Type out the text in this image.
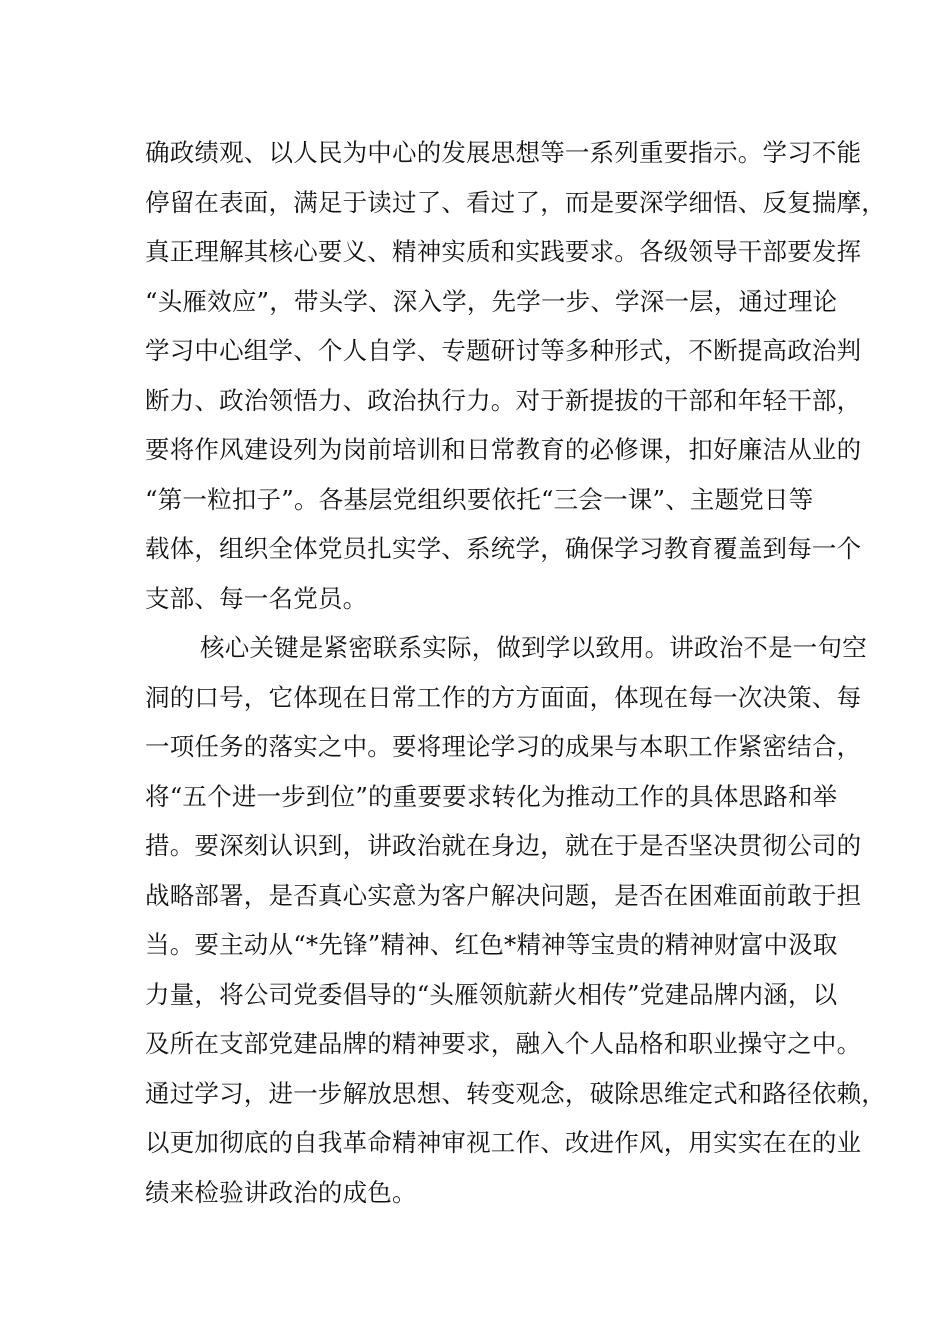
确政绩观、以人民为中心的发展思想等一系列重要指示。学习不能
停留在表面，满足于读过了、看过了，而是要深学细悟、反复揣摩，
真正理解其核心要义、精神实质和实践要求。各级领导干部要发挥
“头雁效应”，带头学、深入学，先学一步、学深一层，通过理论
学习中心组学、个人自学、专题研讨等多种形式，不断提高政治判
断力、政治领悟力、政治执行力。对于新提拔的干部和年轻干部，
要将作风建设列为岗前培训和日常教育的必修课，扣好廉洁从业的
“第一粒扣子”。各基层党组织要依托“三会一课”、主题党日等
载体，组织全体党员扎实学、系统学，确保学习教育覆盖到每一个
支部、每一名党员。
核心关键是紧密联系实际，做到学以致用。讲政治不是一句空
洞的口号，它体现在日常工作的方方面面，体现在每一次决策、每
一项任务的落实之中。要将理论学习的成果与本职工作紧密结合，
将“五个进一步到位”的重要要求转化为推动工作的具体思路和举
措。要深刻认识到，讲政治就在身边，就在于是否坚决贯彻公司的
战略部署，是否真心实意为客户解决问题，是否在困难面前敢于担
当。要主动从“*先锋”精神、红色*精神等宝贵的精神财富中汲取
力量，将公司党委倡导的“头雁领航薪火相传”党建品牌内涵，以
及所在支部党建品牌的精神要求，融入个人品格和职业操守之中。
通过学习，进一步解放思想、转变观念，破除思维定式和路径依赖，
以更加彻底的自我革命精神审视工作、改进作风，用实实在在的业
绩来检验讲政治的成色。
